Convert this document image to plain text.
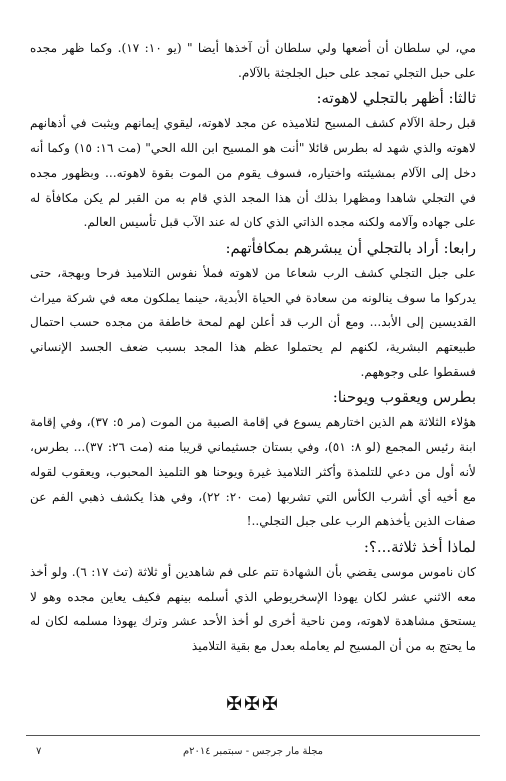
مي، لي سلطان أن أضعها ولي سلطان أن آخذها أيضا " (يو ١٠: ١٧). وكما ظهر مجده على حبل التجلي تمجد على حبل الجلجثة بالآلام.

ثالثا: أظهر بالتجلي لاهوته:

قبل رحلة الآلام كشف المسيح لتلاميذه عن مجد لاهوته، ليقوي إيمانهم ويثبت في أذهانهم لاهوته والذي شهد له بطرس قائلا "أنت هو المسيح ابن الله الحي" (مت ١٦: ١٥) وكما أنه دخل إلى الآلام بمشيئته واختياره، فسوف يقوم من الموت بقوة لاهوته... وبظهور مجده في التجلي شاهدا ومظهرا بذلك أن هذا المجد الذي قام به من القبر لم يكن مكافأة له على جهاده وآلامه ولكنه مجده الذاتي الذي كان له عند الآب قبل تأسيس العالم.

رابعا: أراد بالتجلي أن يبشرهم بمكافأتهم:

على جبل التجلي كشف الرب شعاعا من لاهوته فملأ نفوس التلاميذ فرحا وبهجة، حتى يدركوا ما سوف ينالونه من سعادة في الحياة الأبدية، حينما يملكون معه في شركة ميراث القديسين إلى الأبد... ومع أن الرب قد أعلن لهم لمحة خاطفة من مجده حسب احتمال طبيعتهم البشرية، لكنهم لم يحتملوا عظم هذا المجد بسبب ضعف الجسد الإنساني فسقطوا على وجوههم.

بطرس ويعقوب ويوحنا:

هؤلاء الثلاثة هم الذين اختارهم يسوع في إقامة الصبية من الموت (مر ٥: ٣٧)، وفي إقامة ابنة رئيس المجمع (لو ٨: ٥١)، وفي بستان جسثيماني قريبا منه (مت ٢٦: ٣٧)... بطرس، لأنه أول من دعي للتلمذة وأكثر التلاميذ غيرة ويوحنا هو التلميذ المحبوب، ويعقوب لقوله مع أخيه أي أشرب الكأس التي تشربها (مت ٢٠: ٢٢)، وفي هذا يكشف ذهبي الفم عن صفات الذين يأخذهم الرب على جبل التجلي..!

لماذا أخذ ثلاثة...؟:

كان ناموس موسى يقضي بأن الشهادة تتم على فم شاهدين أو ثلاثة (تث ١٧: ٦). ولو أخذ معه الاثني عشر لكان يهوذا الإسخريوطي الذي أسلمه بينهم فكيف يعاين مجده وهو لا يستحق مشاهدة لاهوته، ومن ناحية أخرى لو أخذ الأحد عشر وترك يهوذا مسلمه لكان له ما يحتج به من أن المسيح لم يعامله بعدل مع بقية التلاميذ

✠✠✠
مجلة مار جرجس - سبتمبر ٢٠١٤م
٧
